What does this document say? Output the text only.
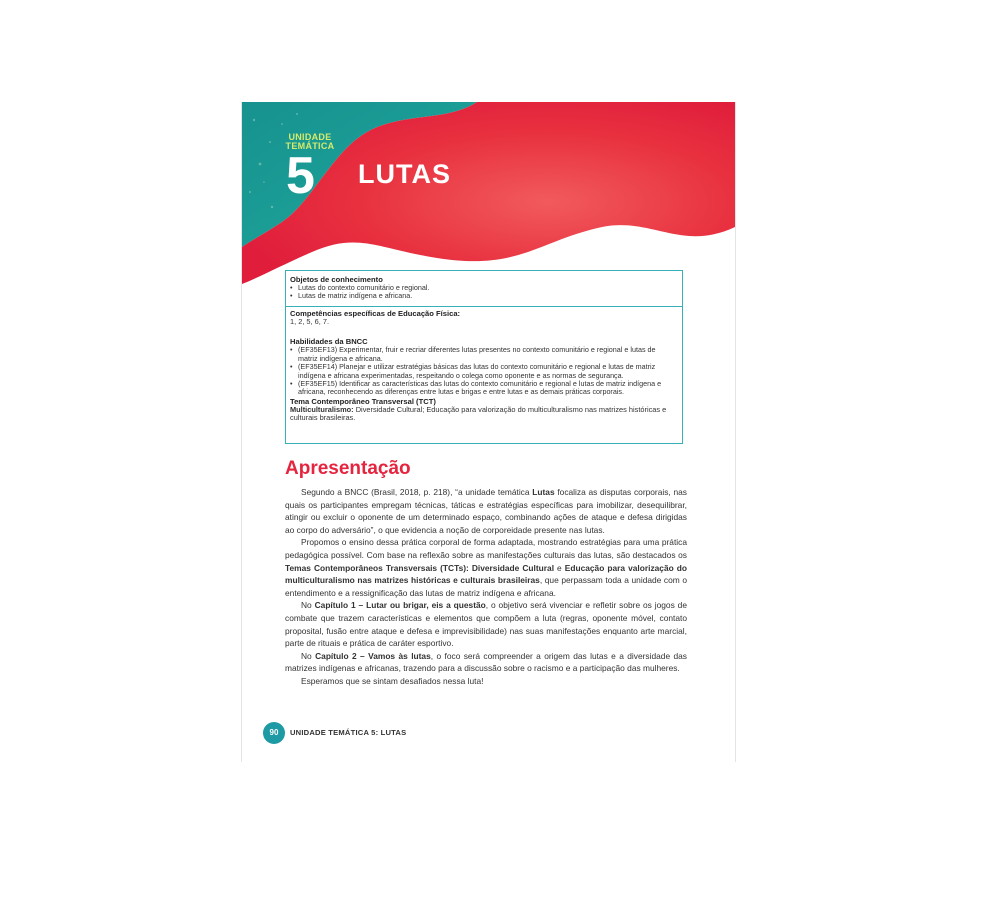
UNIDADE
TEMÁTICA
5 LUTAS
Objetos de conhecimento
• Lutas do contexto comunitário e regional.
• Lutas de matriz indígena e africana.
Competências específicas de Educação Física:
1, 2, 5, 6, 7.
Habilidades da BNCC
• (EF35EF13) Experimentar, fruir e recriar diferentes lutas presentes no contexto comunitário e regional e lutas de matriz indígena e africana.
• (EF35EF14) Planejar e utilizar estratégias básicas das lutas do contexto comunitário e regional e lutas de matriz indígena e africana experimentadas, respeitando o colega como oponente e as normas de segurança.
• (EF35EF15) Identificar as características das lutas do contexto comunitário e regional e lutas de matriz indígena e africana, reconhecendo as diferenças entre lutas e brigas e entre lutas e as demais práticas corporais.
Tema Contemporâneo Transversal (TCT)
Multiculturalismo: Diversidade Cultural; Educação para valorização do multiculturalismo nas matrizes históricas e culturais brasileiras.
Apresentação

Segundo a BNCC (Brasil, 2018, p. 218), “a unidade temática Lutas focaliza as disputas corporais, nas quais os participantes empregam técnicas, táticas e estratégias específicas para imobilizar, desequilibrar, atingir ou excluir o oponente de um determinado espaço, combinando ações de ataque e defesa dirigidas ao corpo do adversário”, o que evidencia a noção de corporeidade presente nas lutas.

Propomos o ensino dessa prática corporal de forma adaptada, mostrando estratégias para uma prática pedagógica possível. Com base na reflexão sobre as manifestações culturais das lutas, são destacados os Temas Contemporâneos Transversais (TCTs): Diversidade Cultural e Educação para valorização do multiculturalismo nas matrizes históricas e culturais brasileiras, que perpassam toda a unidade com o entendimento e a ressignificação das lutas de matriz indígena e africana.

No Capítulo 1 – Lutar ou brigar, eis a questão, o objetivo será vivenciar e refletir sobre os jogos de combate que trazem características e elementos que compõem a luta (regras, oponente móvel, contato proposital, fusão entre ataque e defesa e imprevisibilidade) nas suas manifestações enquanto arte marcial, parte de rituais e prática de caráter esportivo.

No Capítulo 2 – Vamos às lutas, o foco será compreender a origem das lutas e a diversidade das matrizes indígenas e africanas, trazendo para a discussão sobre o racismo e a participação das mulheres.

Esperamos que se sintam desafiados nessa luta!

90	UNIDADE TEMÁTICA 5: LUTAS
